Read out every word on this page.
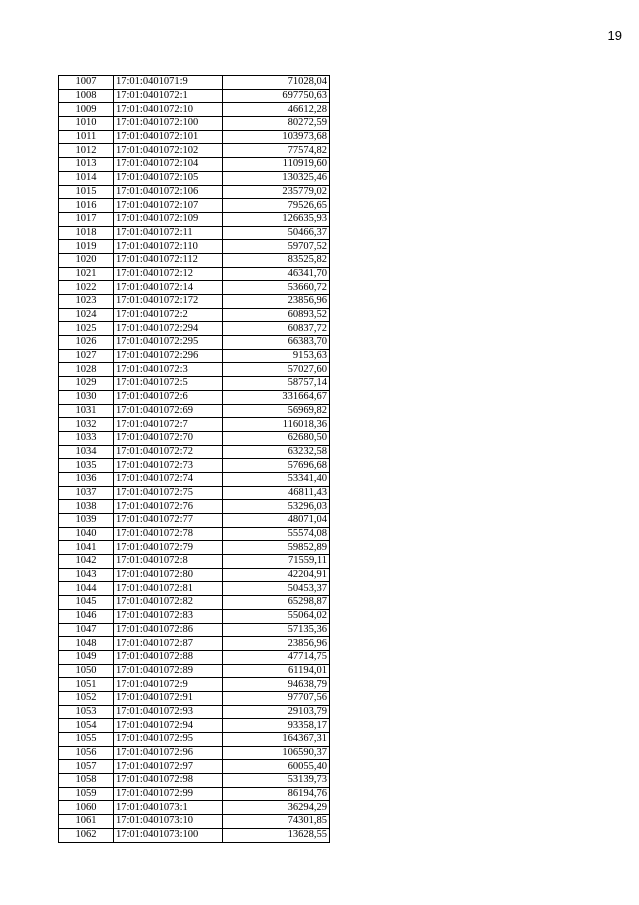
19
1007	17:01:0401071:9	71028,04
1008	17:01:0401072:1	697750,63
1009	17:01:0401072:10	46612,28
1010	17:01:0401072:100	80272,59
1011	17:01:0401072:101	103973,68
1012	17:01:0401072:102	77574,82
1013	17:01:0401072:104	110919,60
1014	17:01:0401072:105	130325,46
1015	17:01:0401072:106	235779,02
1016	17:01:0401072:107	79526,65
1017	17:01:0401072:109	126635,93
1018	17:01:0401072:11	50466,37
1019	17:01:0401072:110	59707,52
1020	17:01:0401072:112	83525,82
1021	17:01:0401072:12	46341,70
1022	17:01:0401072:14	53660,72
1023	17:01:0401072:172	23856,96
1024	17:01:0401072:2	60893,52
1025	17:01:0401072:294	60837,72
1026	17:01:0401072:295	66383,70
1027	17:01:0401072:296	9153,63
1028	17:01:0401072:3	57027,60
1029	17:01:0401072:5	58757,14
1030	17:01:0401072:6	331664,67
1031	17:01:0401072:69	56969,82
1032	17:01:0401072:7	116018,36
1033	17:01:0401072:70	62680,50
1034	17:01:0401072:72	63232,58
1035	17:01:0401072:73	57696,68
1036	17:01:0401072:74	53341,40
1037	17:01:0401072:75	46811,43
1038	17:01:0401072:76	53296,03
1039	17:01:0401072:77	48071,04
1040	17:01:0401072:78	55574,08
1041	17:01:0401072:79	59852,89
1042	17:01:0401072:8	71559,11
1043	17:01:0401072:80	42204,91
1044	17:01:0401072:81	50453,37
1045	17:01:0401072:82	65298,87
1046	17:01:0401072:83	55064,02
1047	17:01:0401072:86	57135,36
1048	17:01:0401072:87	23856,96
1049	17:01:0401072:88	47714,75
1050	17:01:0401072:89	61194,01
1051	17:01:0401072:9	94638,79
1052	17:01:0401072:91	97707,56
1053	17:01:0401072:93	29103,79
1054	17:01:0401072:94	93358,17
1055	17:01:0401072:95	164367,31
1056	17:01:0401072:96	106590,37
1057	17:01:0401072:97	60055,40
1058	17:01:0401072:98	53139,73
1059	17:01:0401072:99	86194,76
1060	17:01:0401073:1	36294,29
1061	17:01:0401073:10	74301,85
1062	17:01:0401073:100	13628,55
